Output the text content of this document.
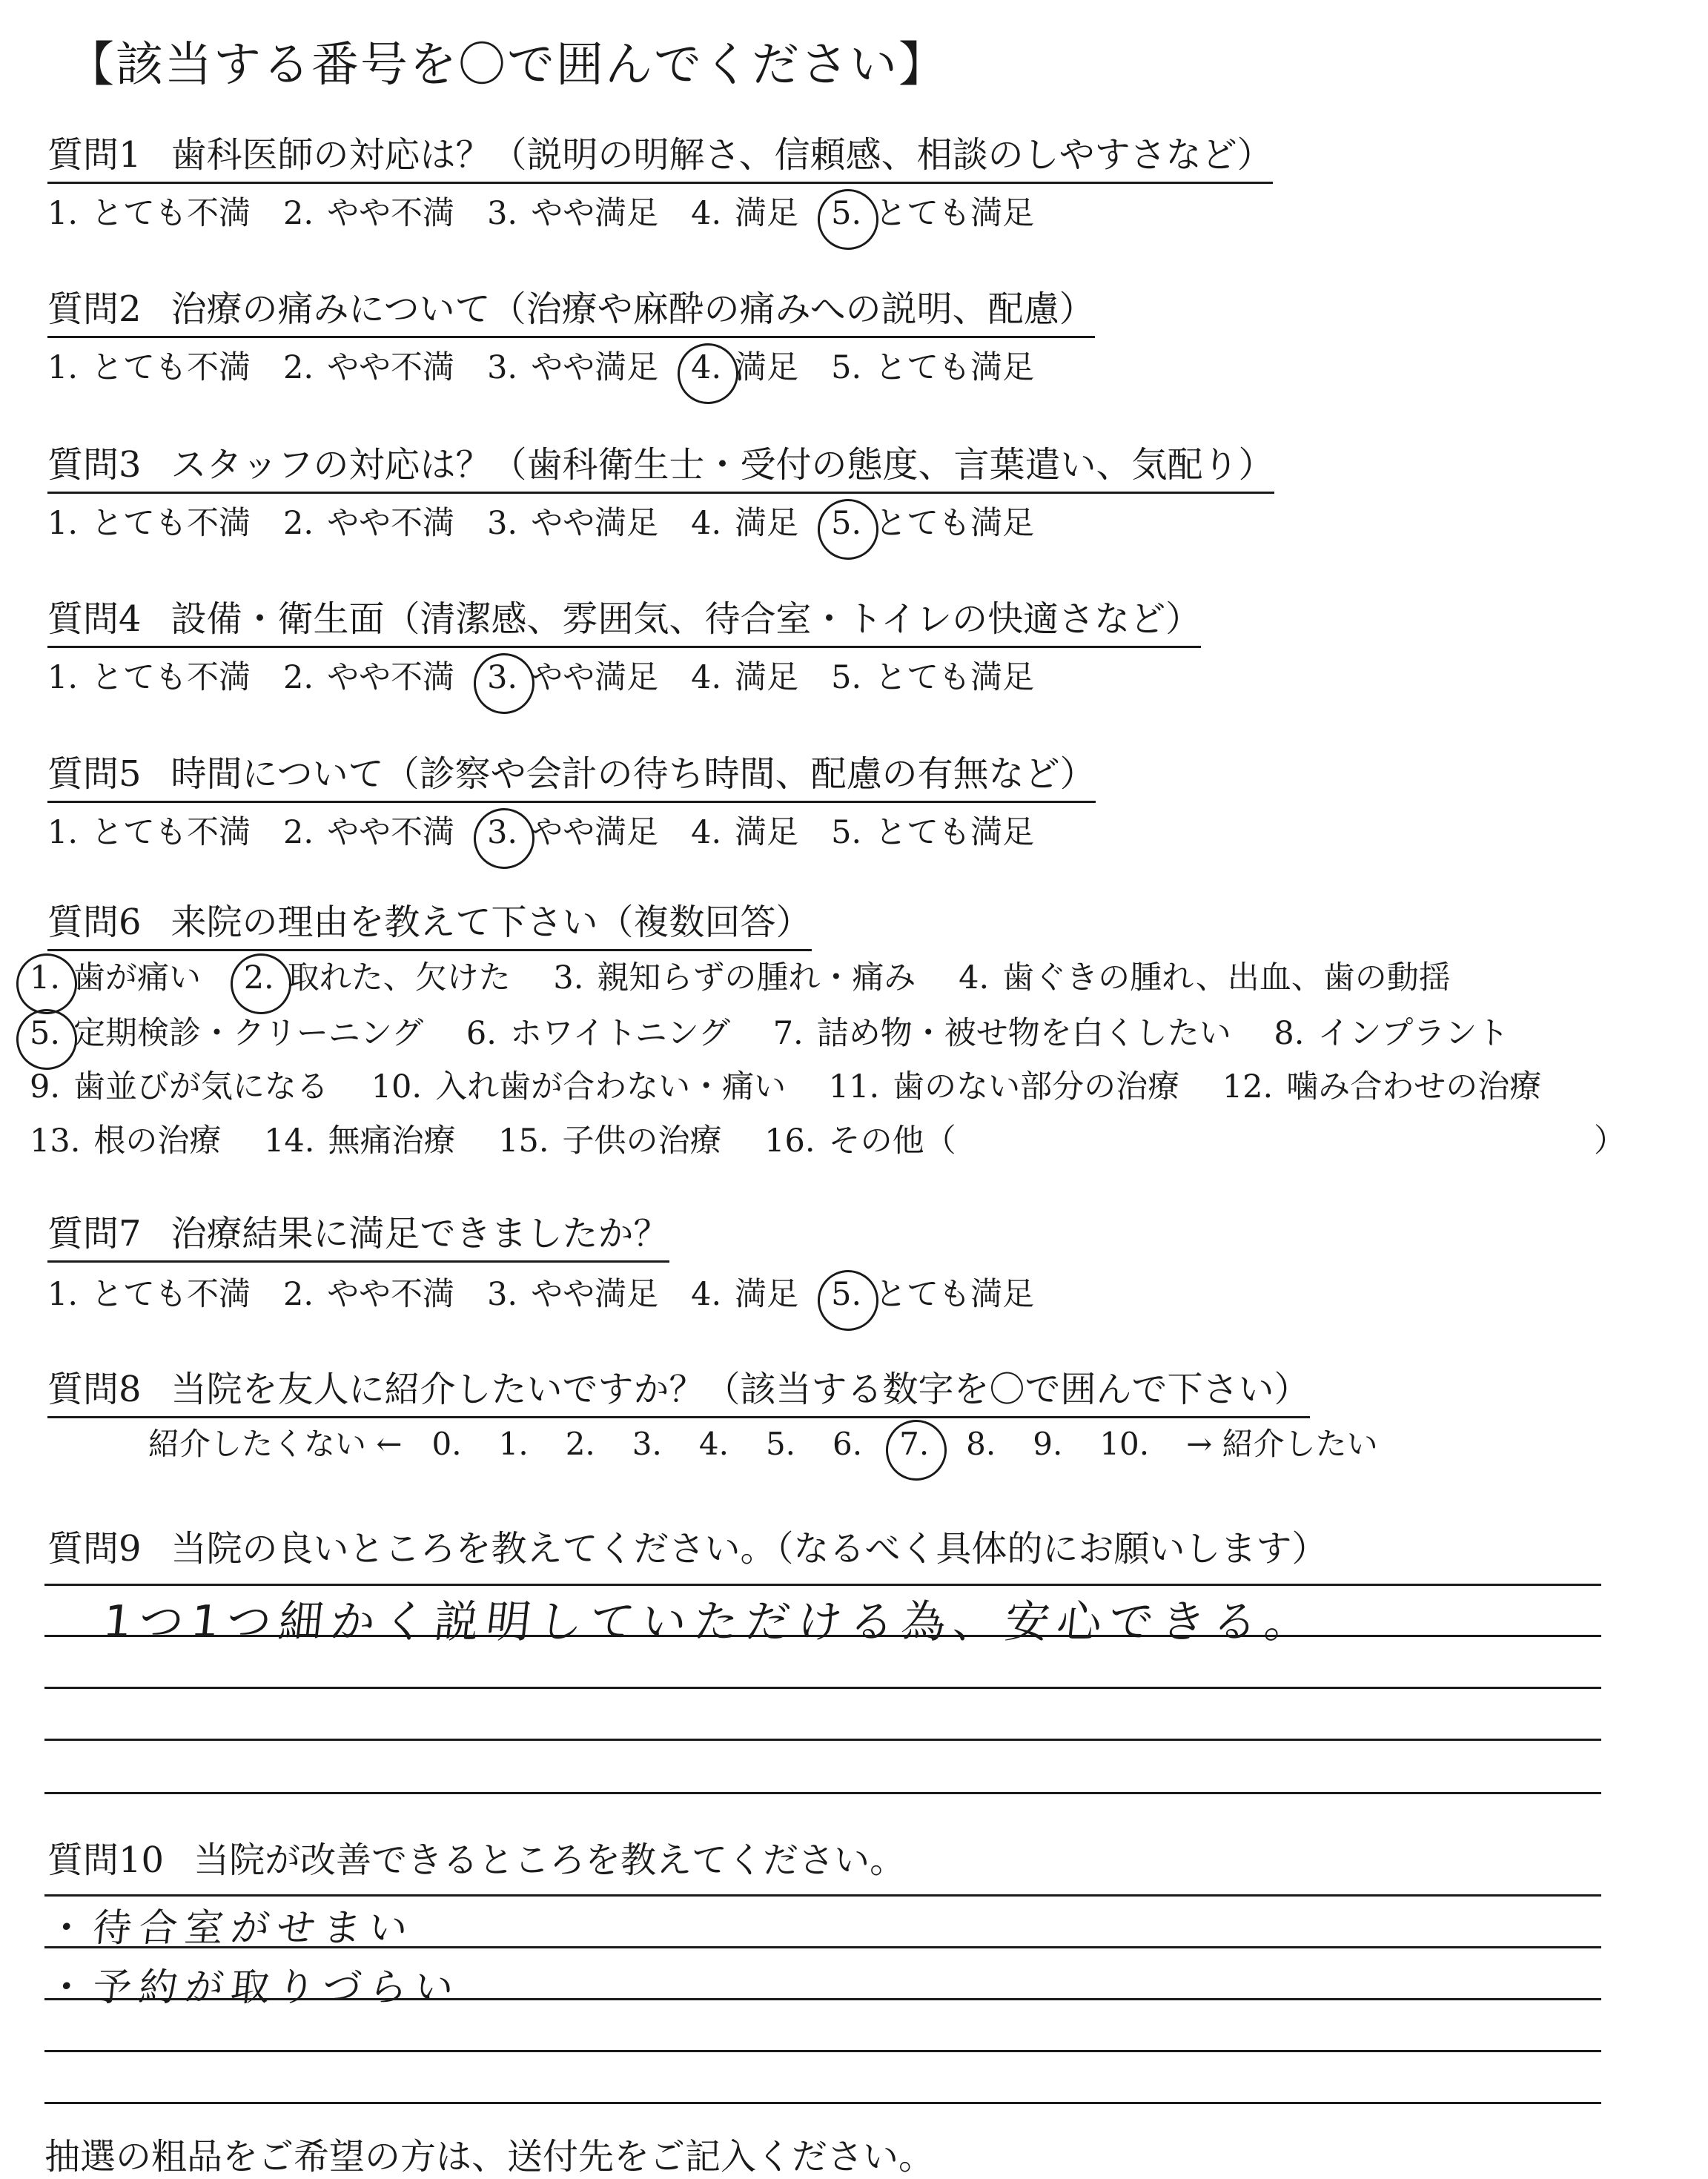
【該当する番号を〇で囲んでください】
質問1 歯科医師の対応は？（説明の明解さ、信頼感、相談のしやすさなど）
1. とても不満 2. やや不満 3. やや満足 4. 満足 5. とても満足
質問2 治療の痛みについて（治療や麻酔の痛みへの説明、配慮）
1. とても不満 2. やや不満 3. やや満足 4. 満足 5. とても満足
質問3 スタッフの対応は？（歯科衛生士・受付の態度、言葉遣い、気配り）
1. とても不満 2. やや不満 3. やや満足 4. 満足 5. とても満足
質問4 設備・衛生面（清潔感、雰囲気、待合室・トイレの快適さなど）
1. とても不満 2. やや不満 3. やや満足 4. 満足 5. とても満足
質問5 時間について（診察や会計の待ち時間、配慮の有無など）
1. とても不満 2. やや不満 3. やや満足 4. 満足 5. とても満足
質問6 来院の理由を教えて下さい（複数回答）
1. 歯が痛い 2. 取れた、欠けた 3. 親知らずの腫れ・痛み 4. 歯ぐきの腫れ、出血、歯の動揺
5. 定期検診・クリーニング 6. ホワイトニング 7. 詰め物・被せ物を白くしたい 8. インプラント
9. 歯並びが気になる 10. 入れ歯が合わない・痛い 11. 歯のない部分の治療 12. 噛み合わせの治療
13. 根の治療 14. 無痛治療 15. 子供の治療 16. その他（	）
質問7 治療結果に満足できましたか？
1. とても不満 2. やや不満 3. やや満足 4. 満足 5. とても満足
質問8 当院を友人に紹介したいですか？（該当する数字を〇で囲んで下さい）
紹介したくない ← 0. 1. 2. 3. 4. 5. 6. 7. 8. 9. 10. → 紹介したい
質問9 当院の良いところを教えてください。（なるべく具体的にお願いします）
1つ1つ細かく説明していただける為、安心できる。
質問10 当院が改善できるところを教えてください。
・待合室がせまい
・予約が取りづらい
抽選の粗品をご希望の方は、送付先をご記入ください。
